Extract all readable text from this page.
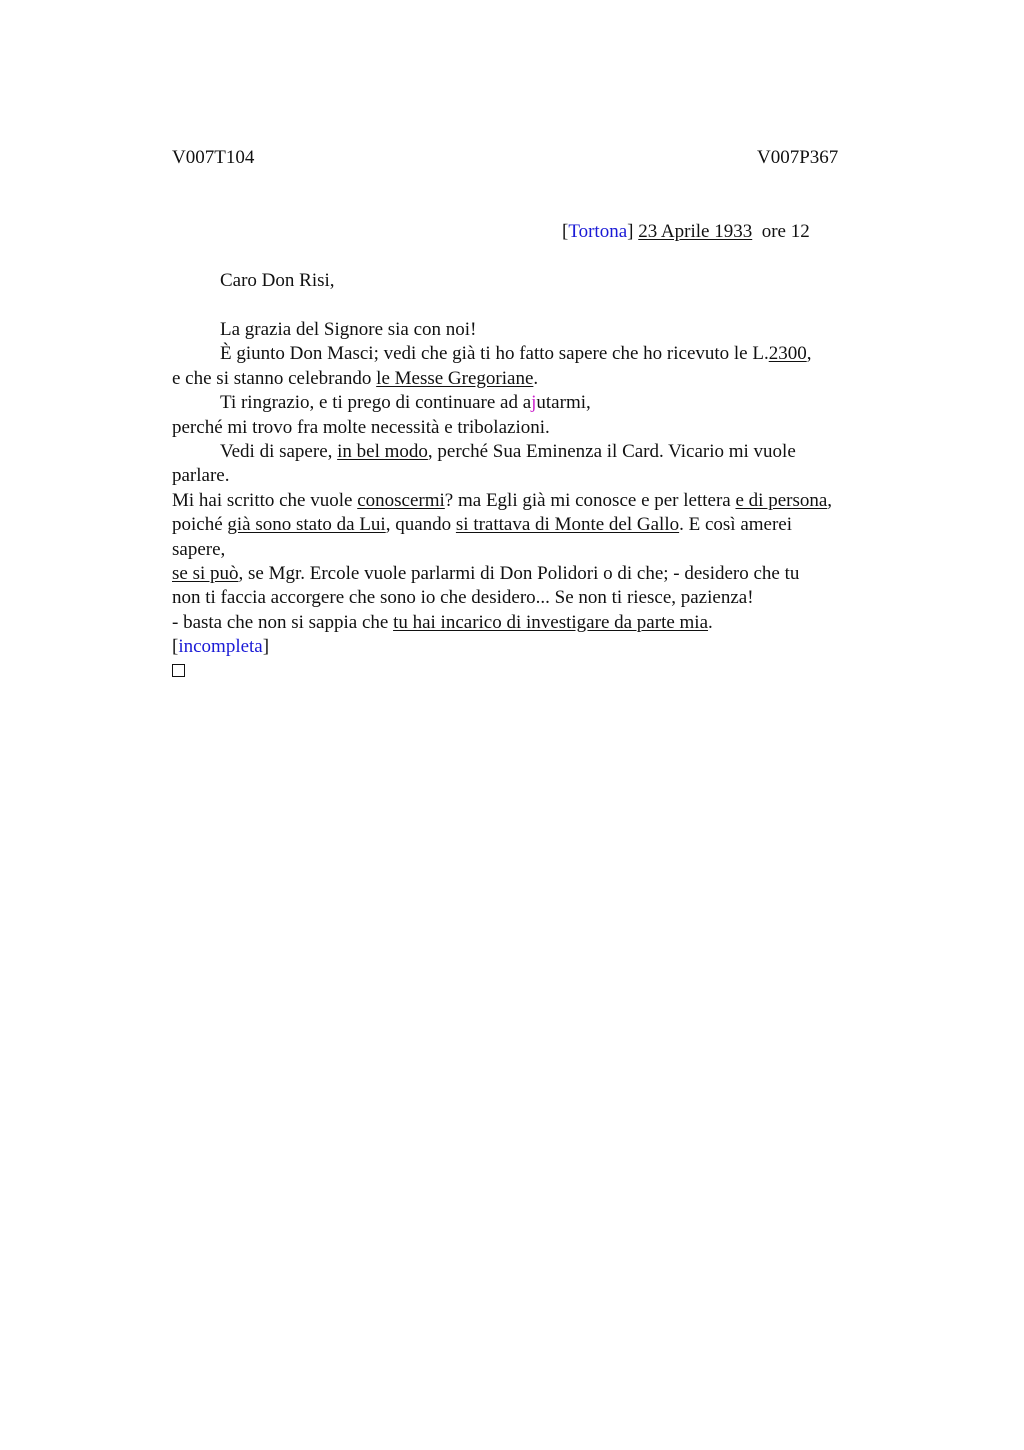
V007T104	V007P367
[Tortona] 23 Aprile 1933 ore 12
Caro Don Risi,
La grazia del Signore sia con noi!
È giunto Don Masci; vedi che già ti ho fatto sapere che ho ricevuto le L.2300,
e che si stanno celebrando le Messe Gregoriane.
Ti ringrazio, e ti prego di continuare ad ajutarmi,
perché mi trovo fra molte necessità e tribolazioni.
Vedi di sapere, in bel modo, perché Sua Eminenza il Card. Vicario mi vuole
parlare.
Mi hai scritto che vuole conoscermi? ma Egli già mi conosce e per lettera e di persona,
poiché già sono stato da Lui, quando si trattava di Monte del Gallo. E così amerei
sapere,
se si può, se Mgr. Ercole vuole parlarmi di Don Polidori o di che; - desidero che tu
non ti faccia accorgere che sono io che desidero... Se non ti riesce, pazienza!
- basta che non si sappia che tu hai incarico di investigare da parte mia.
[incompleta]
